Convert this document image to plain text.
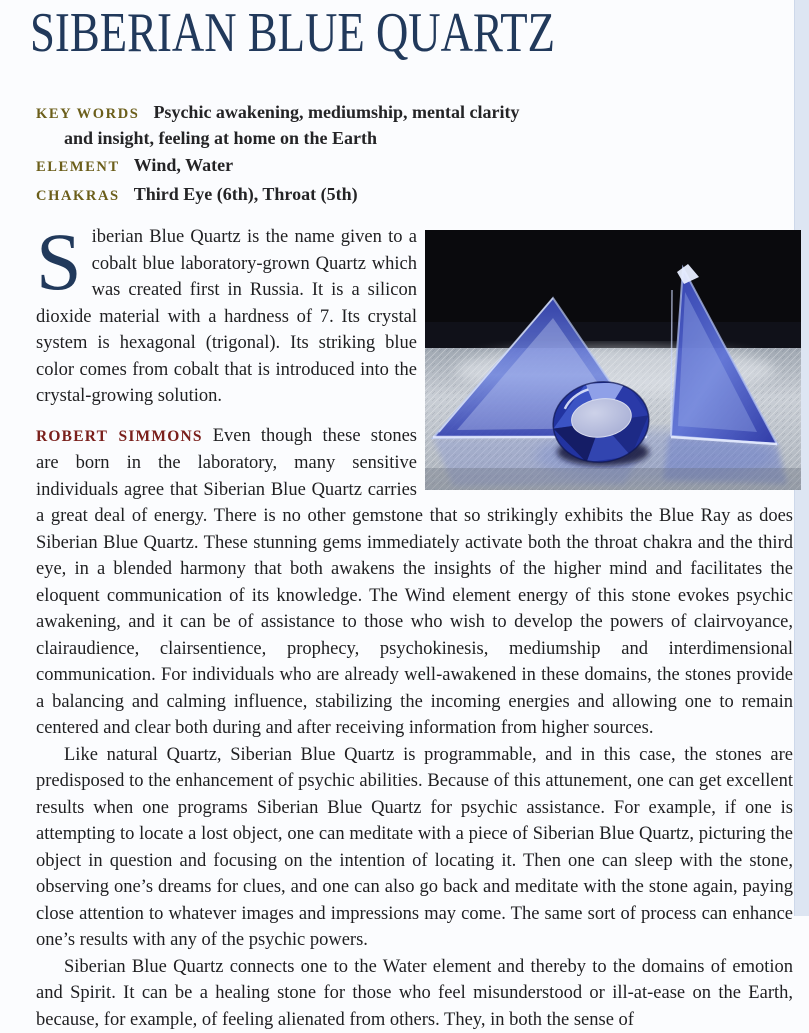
SIBERIAN BLUE QUARTZ
KEY WORDS Psychic awakening, mediumship, mental clarity and insight, feeling at home on the Earth
ELEMENT Wind, Water
CHAKRAS Third Eye (6th), Throat (5th)

Siberian Blue Quartz is the name given to a cobalt blue laboratory-grown Quartz which was created first in Russia. It is a silicon dioxide material with a hardness of 7. Its crystal system is hexagonal (trigonal). Its striking blue color comes from cobalt that is introduced into the crystal-growing solution.

ROBERT SIMMONS Even though these stones are born in the laboratory, many sensitive individuals agree that Siberian Blue Quartz carries a great deal of energy. There is no other gemstone that so strikingly exhibits the Blue Ray as does Siberian Blue Quartz. These stunning gems immediately activate both the throat chakra and the third eye, in a blended harmony that both awakens the insights of the higher mind and facilitates the eloquent communication of its knowledge. The Wind element energy of this stone evokes psychic awakening, and it can be of assistance to those who wish to develop the powers of clairvoyance, clairaudience, clairsentience, prophecy, psychokinesis, mediumship and interdimensional communication. For individuals who are already well-awakened in these domains, the stones provide a balancing and calming influence, stabilizing the incoming energies and allowing one to remain centered and clear both during and after receiving information from higher sources.

Like natural Quartz, Siberian Blue Quartz is programmable, and in this case, the stones are predisposed to the enhancement of psychic abilities. Because of this attunement, one can get excellent results when one programs Siberian Blue Quartz for psychic assistance. For example, if one is attempting to locate a lost object, one can meditate with a piece of Siberian Blue Quartz, picturing the object in question and focusing on the intention of locating it. Then one can sleep with the stone, observing one’s dreams for clues, and one can also go back and meditate with the stone again, paying close attention to whatever images and impressions may come. The same sort of process can enhance one’s results with any of the psychic powers.

Siberian Blue Quartz connects one to the Water element and thereby to the domains of emotion and Spirit. It can be a healing stone for those who feel misunderstood or ill-at-ease on the Earth, because, for example, of feeling alienated from others. They, in both the sense of
